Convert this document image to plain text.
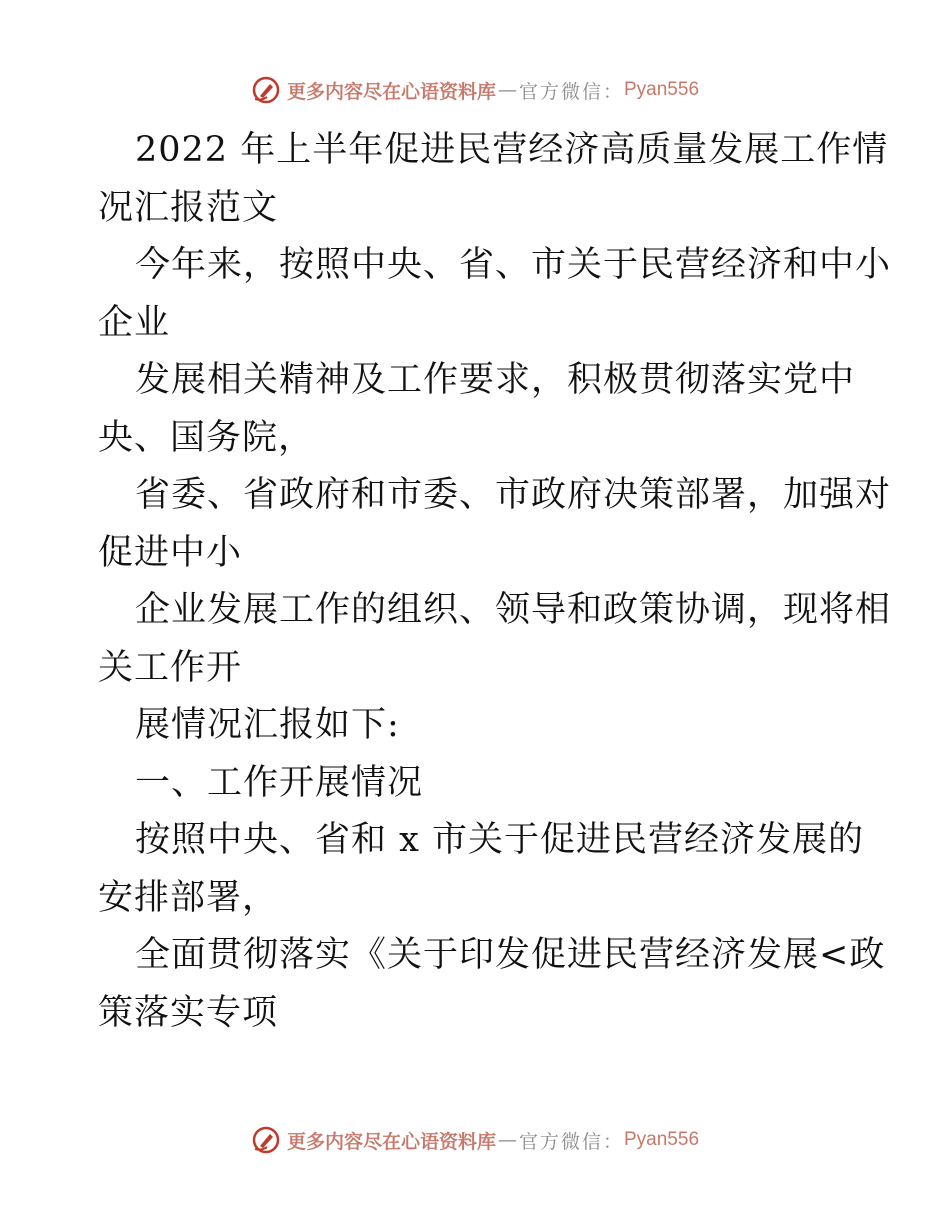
更多内容尽在心语资料库 — 官方微信： Pyan556
2022 年上半年促进民营经济高质量发展工作情
况汇报范文
今年来，按照中央、省、市关于民营经济和中小
企业
发展相关精神及工作要求，积极贯彻落实党中
央、国务院，
省委、省政府和市委、市政府决策部署，加强对
促进中小
企业发展工作的组织、领导和政策协调，现将相
关工作开
展情况汇报如下:
一、工作开展情况
按照中央、省和 x 市关于促进民营经济发展的
安排部署，
全面贯彻落实《关于印发促进民营经济发展<政
策落实专项
更多内容尽在心语资料库 — 官方微信： Pyan556
